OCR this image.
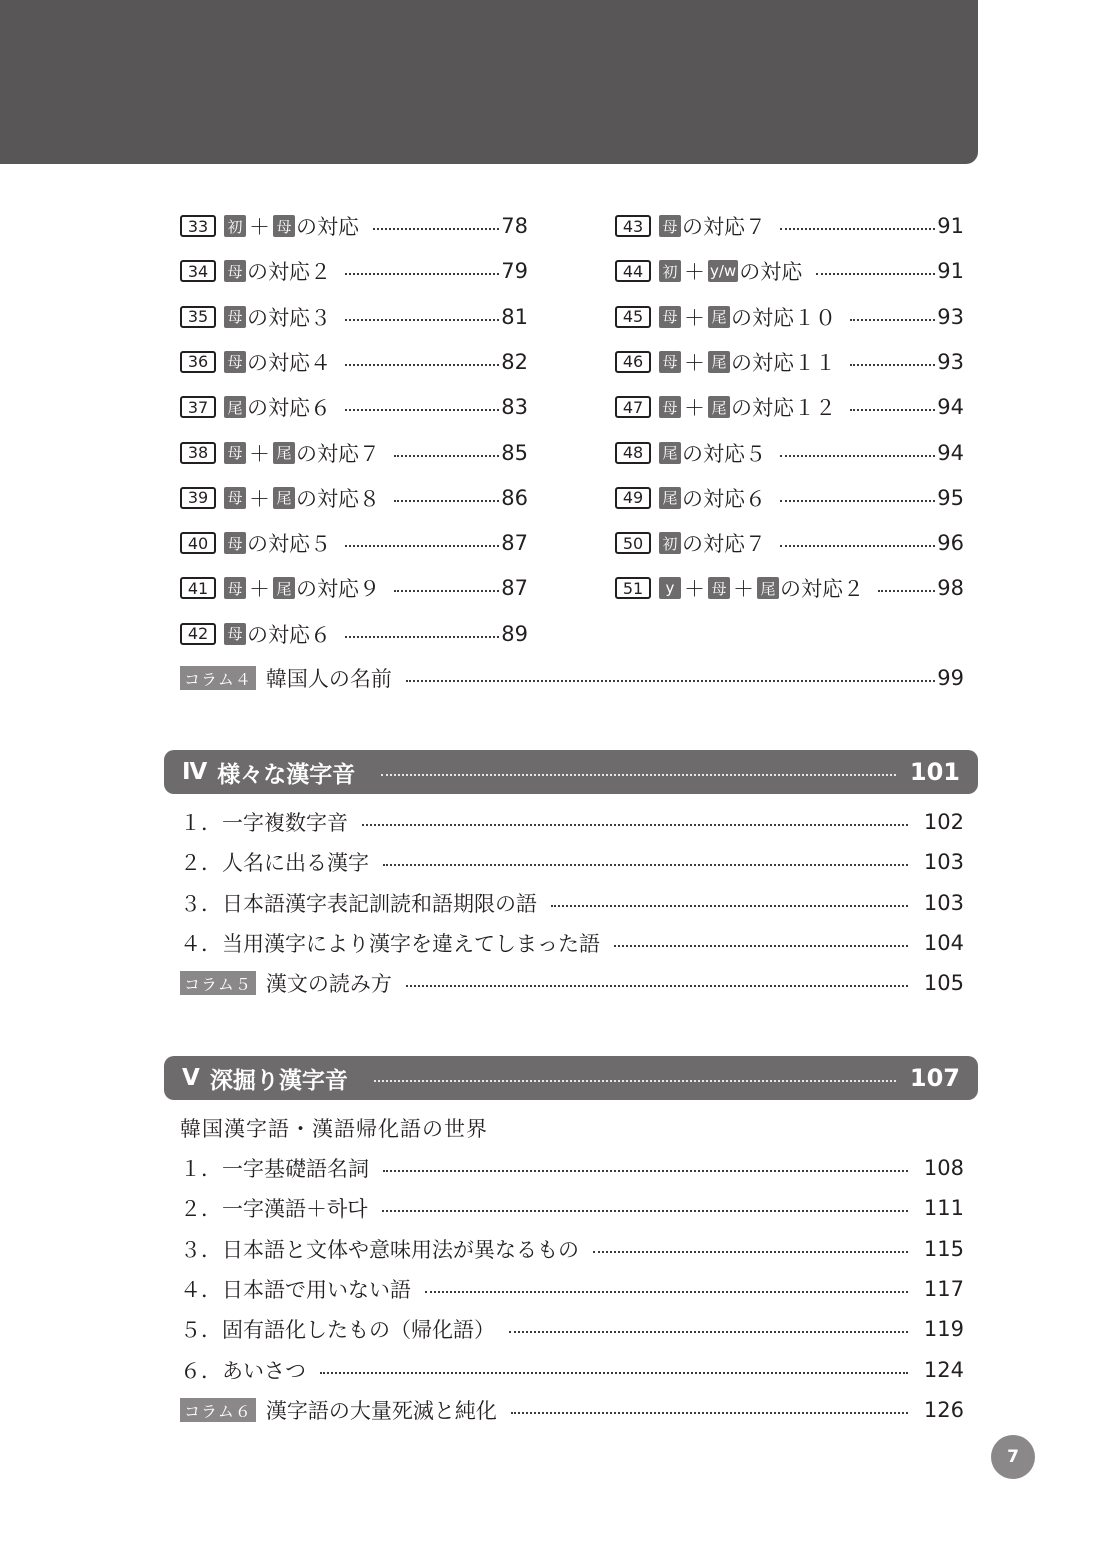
33	初 ＋ 母 の対応	78
34	母 の対応２	79
35	母 の対応３	81
36	母 の対応４	82
37	尾 の対応６	83
38	母 ＋ 尾 の対応７	85
39	母 ＋ 尾 の対応８	86
40	母 の対応５	87
41	母 ＋ 尾 の対応９	87
42	母 の対応６	89
43	母 の対応７	91
44	初 ＋ y/w の対応	91
45	母 ＋ 尾 の対応１０	93
46	母 ＋ 尾 の対応１１	93
47	母 ＋ 尾 の対応１２	94
48	尾 の対応５	94
49	尾 の対応６	95
50	初 の対応７	96
51	y ＋ 母 ＋ 尾 の対応２	98
コラム４ 韓国人の名前	99
Ⅳ 様々な漢字音	101
１．一字複数字音	102
２．人名に出る漢字	103
３．日本語漢字表記訓読和語期限の語	103
４．当用漢字により漢字を違えてしまった語	104
コラム５ 漢文の読み方	105
Ⅴ 深掘り漢字音	107
韓国漢字語・漢語帰化語の世界
１．一字基礎語名詞	108
２．一字漢語＋하다	111
３．日本語と文体や意味用法が異なるもの	115
４．日本語で用いない語	117
５．固有語化したもの（帰化語）	119
６．あいさつ	124
コラム６ 漢字語の大量死滅と純化	126
7
